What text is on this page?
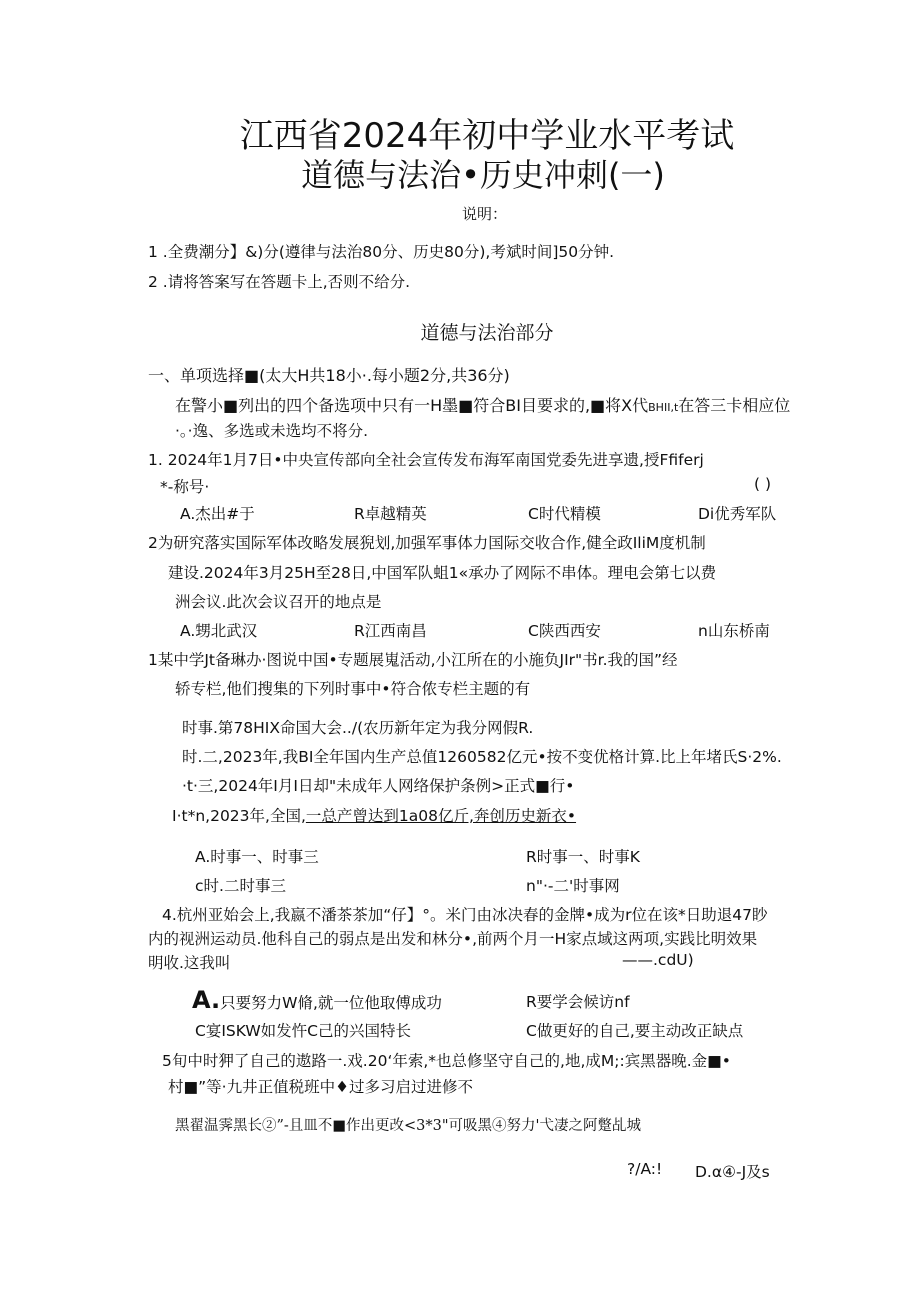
江西省2024年初中学业水平考试
道德与法治•历史冲刺(一)
说明：
1 .全费潮分】&)分(遵律与法治80分、历史80分),考斌时间]50分钟.
2 .请将答案写在答题卡上,否则不给分.
道德与法治部分
一、单项选择■(太大H共18小·.每小题2分,共36分)
在警小■列出的四个备选项中只有一H墨■符合BI目要求的,■将X代BHII,t在答三卡相应位
·。·逸、多选或未选均不将分.
1. 2024年1月7日•中央宣传部向全社会宣传发布海军南国党委先进享遗,授Ffiferj
*-称号·	( )
A.杰出#于	R卓越精英	C时代精模	Di优秀军队
2为研究落实国际军体改略发展猊划,加强军事体力国际交收合作,健全政IliM度机制
建设.2024年3月25H至28日,中国军队蛆1«承办了网际不串体。理电会第七以费
洲会议.此次会议召开的地点是
A.甥北武汉	R江西南昌	C陕西西安	n山东桥南
1某中学Jt备琳办·图说中国•专题展嵬活动,小江所在的小施负JIr"书r.我的国”经
轿专栏,他们搜集的下列时事中•符合侬专栏主题的有
时事.第78HIX命国大会../(农历新年定为我分网假R.
时.二,2023年,我BI全年国内生产总值1260582亿元•按不变优格计算.比上年堵氏S·2%.
·t·三,2024年I月I日却"未成年人网络保护条例>正式■行•
I·t*n,2023年,全国,一总产曾达到1a08亿斤,奔创历史新衣•
A.时事一、时事三	R时事一、时事K
c时.二时事三	n"·-二'时事网
4.杭州亚始会上,我嬴不潘茶茶加“仔】°。米门由冰决春的金牌•成为r位在该*日助退47眇
内的视洲运动员.他科自己的弱点是出发和林分•,前两个月一H家点域这两项,实践比明效果
明收.这我叫	——.cdU)
A.只要努力W脩,就一位他取傅成功	R要学会候访nf
C宴ISKW如发忤C己的兴国特长	C做更好的自己,要主动改正缺点
5旬中时狎了自己的遨路一.戏.20‘年索,*也总修坚守自己的,地,成M;:宾黑器晚.金■•
村■”等·九井正值税班中♦过多习启过进修不
黑翟温霁黑长②”-且皿不■作出更改<3*3"可吸黑④努力'弋凄之阿蹩乩城
?/A:! D.α④-J及s
